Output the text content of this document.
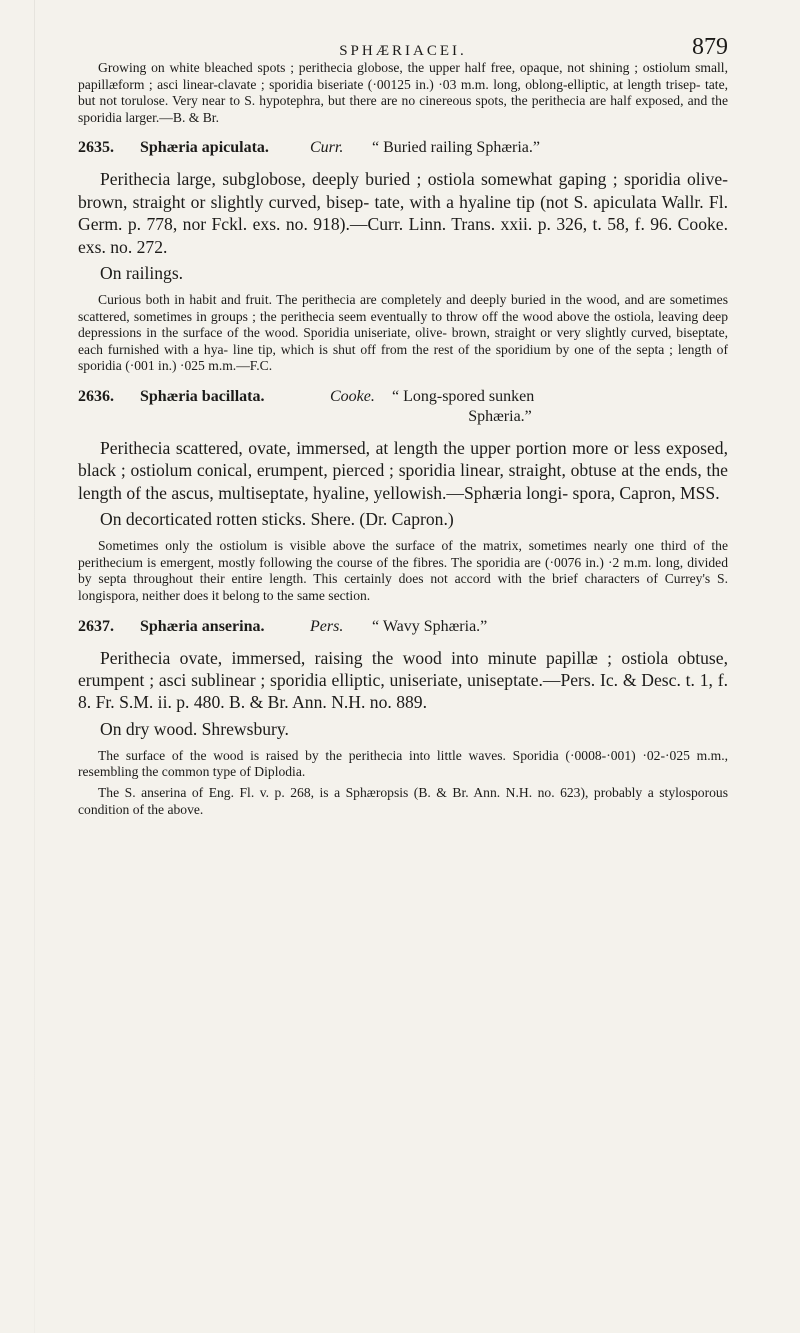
SPHÆRIACEI.	879

Growing on white bleached spots ; perithecia globose, the upper half free, opaque, not shining ; ostiolum small, papillæform ; asci linear-clavate ; sporidia biseriate (·00125 in.) ·03 m.m. long, oblong-elliptic, at length trisep- tate, but not torulose. Very near to S. hypotephra, but there are no cinereous spots, the perithecia are half exposed, and the sporidia larger.—B. & Br.

2635.	Sphæria apiculata.	Curr.	“ Buried railing Sphæria.”

Perithecia large, subglobose, deeply buried ; ostiola somewhat gaping ; sporidia olive-brown, straight or slightly curved, bisep- tate, with a hyaline tip (not S. apiculata Wallr. Fl. Germ. p. 778, nor Fckl. exs. no. 918).—Curr. Linn. Trans. xxii. p. 326, t. 58, f. 96. Cooke. exs. no. 272.

On railings.

Curious both in habit and fruit. The perithecia are completely and deeply buried in the wood, and are sometimes scattered, sometimes in groups ; the perithecia seem eventually to throw off the wood above the ostiola, leaving deep depressions in the surface of the wood. Sporidia uniseriate, olive- brown, straight or very slightly curved, biseptate, each furnished with a hya- line tip, which is shut off from the rest of the sporidium by one of the septa ; length of sporidia (·001 in.) ·025 m.m.—F.C.

2636.	Sphæria bacillata.	Cooke.	“ Long-spored sunken
Sphæria.”

Perithecia scattered, ovate, immersed, at length the upper portion more or less exposed, black ; ostiolum conical, erumpent, pierced ; sporidia linear, straight, obtuse at the ends, the length of the ascus, multiseptate, hyaline, yellowish.—Sphæria longi- spora, Capron, MSS.

On decorticated rotten sticks. Shere. (Dr. Capron.)

Sometimes only the ostiolum is visible above the surface of the matrix, sometimes nearly one third of the perithecium is emergent, mostly following the course of the fibres. The sporidia are (·0076 in.) ·2 m.m. long, divided by septa throughout their entire length. This certainly does not accord with the brief characters of Currey's S. longispora, neither does it belong to the same section.

2637.	Sphæria anserina.	Pers.	“ Wavy Sphæria.”

Perithecia ovate, immersed, raising the wood into minute papillæ ; ostiola obtuse, erumpent ; asci sublinear ; sporidia elliptic, uniseriate, uniseptate.—Pers. Ic. & Desc. t. 1, f. 8. Fr. S.M. ii. p. 480. B. & Br. Ann. N.H. no. 889.

On dry wood. Shrewsbury.

The surface of the wood is raised by the perithecia into little waves. Sporidia (·0008-·001) ·02-·025 m.m., resembling the common type of Diplodia.

The S. anserina of Eng. Fl. v. p. 268, is a Sphæropsis (B. & Br. Ann. N.H. no. 623), probably a stylosporous condition of the above.
